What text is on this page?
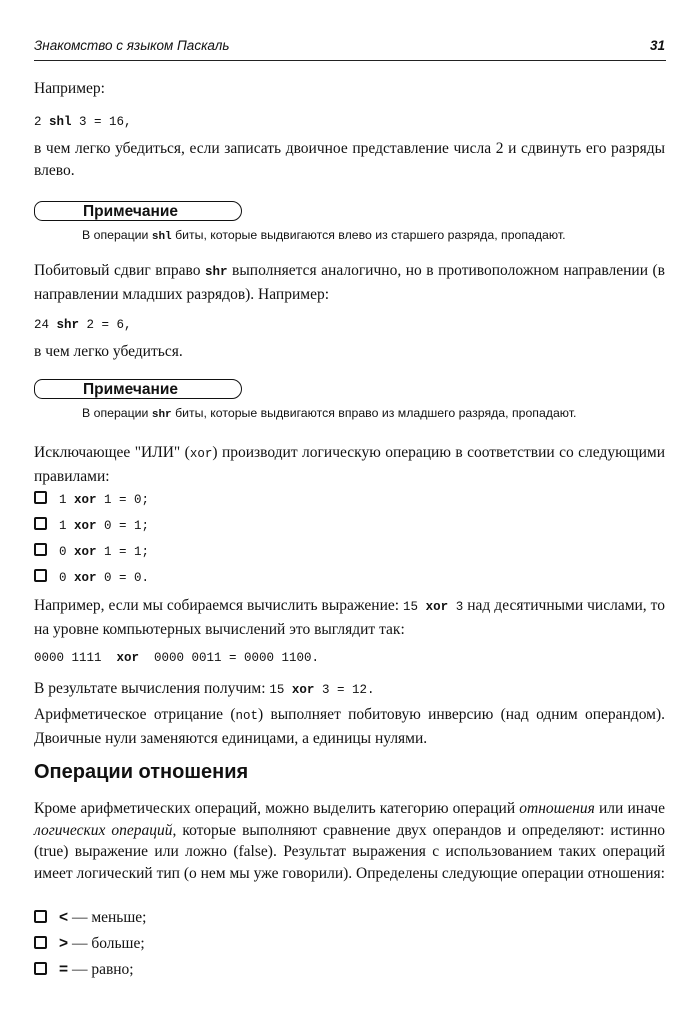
Знакомство с языком Паскаль	31
Например:
2 shl 3 = 16,
в чем легко убедиться, если записать двоичное представление числа 2 и сдвинуть его разряды влево.
Примечание
В операции shl биты, которые выдвигаются влево из старшего разряда, пропадают.
Побитовый сдвиг вправо shr выполняется аналогично, но в противоположном направлении (в направлении младших разрядов). Например:
24 shr 2 = 6,
в чем легко убедиться.
Примечание
В операции shr биты, которые выдвигаются вправо из младшего разряда, пропадают.
Исключающее "ИЛИ" (xor) производит логическую операцию в соответствии со следующими правилами:
1 xor 1 = 0;
1 xor 0 = 1;
0 xor 1 = 1;
0 xor 0 = 0.
Например, если мы собираемся вычислить выражение: 15 xor 3 над десятичными числами, то на уровне компьютерных вычислений это выглядит так:
0000 1111  xor  0000 0011 = 0000 1100.
В результате вычисления получим: 15 xor 3 = 12.
Арифметическое отрицание (not) выполняет побитовую инверсию (над одним операндом). Двоичные нули заменяются единицами, а единицы нулями.
Операции отношения
Кроме арифметических операций, можно выделить категорию операций отношения или иначе логических операций, которые выполняют сравнение двух операндов и определяют: истинно (true) выражение или ложно (false). Результат выражения с использованием таких операций имеет логический тип (о нем мы уже говорили). Определены следующие операции отношения:
< — меньше;
> — больше;
= — равно;
